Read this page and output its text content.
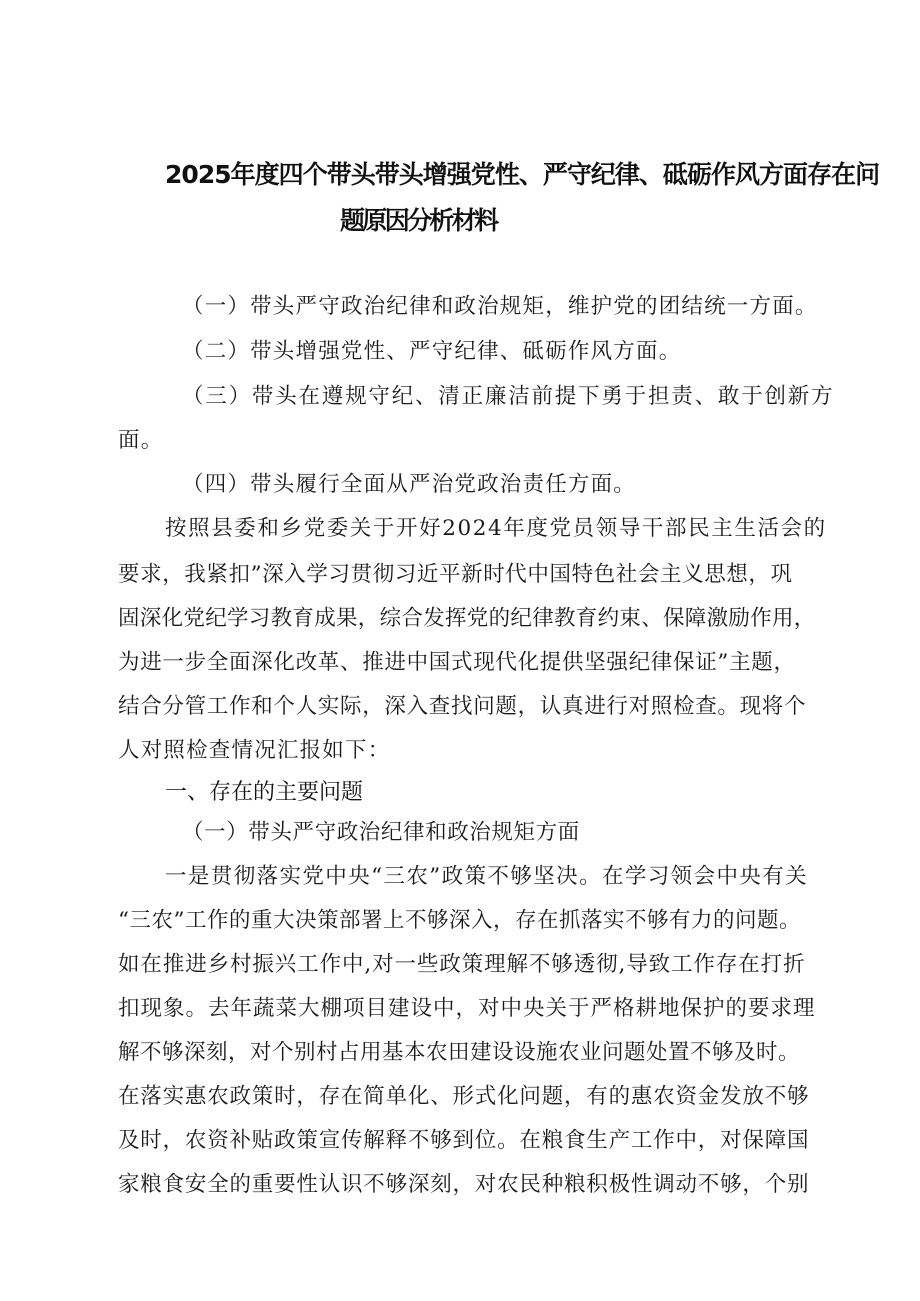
2025年度四个带头带头增强党性、严守纪律、砥砺作风方面存在问
题原因分析材料
（一）带头严守政治纪律和政治规矩，维护党的团结统一方面。
（二）带头增强党性、严守纪律、砥砺作风方面。
（三）带头在遵规守纪、清正廉洁前提下勇于担责、敢于创新方
面。
（四）带头履行全面从严治党政治责任方面。
按照县委和乡党委关于开好2024年度党员领导干部民主生活会的
要求，我紧扣”深入学习贯彻习近平新时代中国特色社会主义思想，巩
固深化党纪学习教育成果，综合发挥党的纪律教育约束、保障激励作用，
为进一步全面深化改革、推进中国式现代化提供坚强纪律保证”主题，
结合分管工作和个人实际，深入查找问题，认真进行对照检查。现将个
人对照检查情况汇报如下：
一、存在的主要问题
（一）带头严守政治纪律和政治规矩方面
一是贯彻落实党中央“三农”政策不够坚决。在学习领会中央有关
“三农”工作的重大决策部署上不够深入，存在抓落实不够有力的问题。
如在推进乡村振兴工作中,对一些政策理解不够透彻,导致工作存在打折
扣现象。去年蔬菜大棚项目建设中，对中央关于严格耕地保护的要求理
解不够深刻，对个别村占用基本农田建设设施农业问题处置不够及时。
在落实惠农政策时，存在简单化、形式化问题，有的惠农资金发放不够
及时，农资补贴政策宣传解释不够到位。在粮食生产工作中，对保障国
家粮食安全的重要性认识不够深刻，对农民种粮积极性调动不够，个别
